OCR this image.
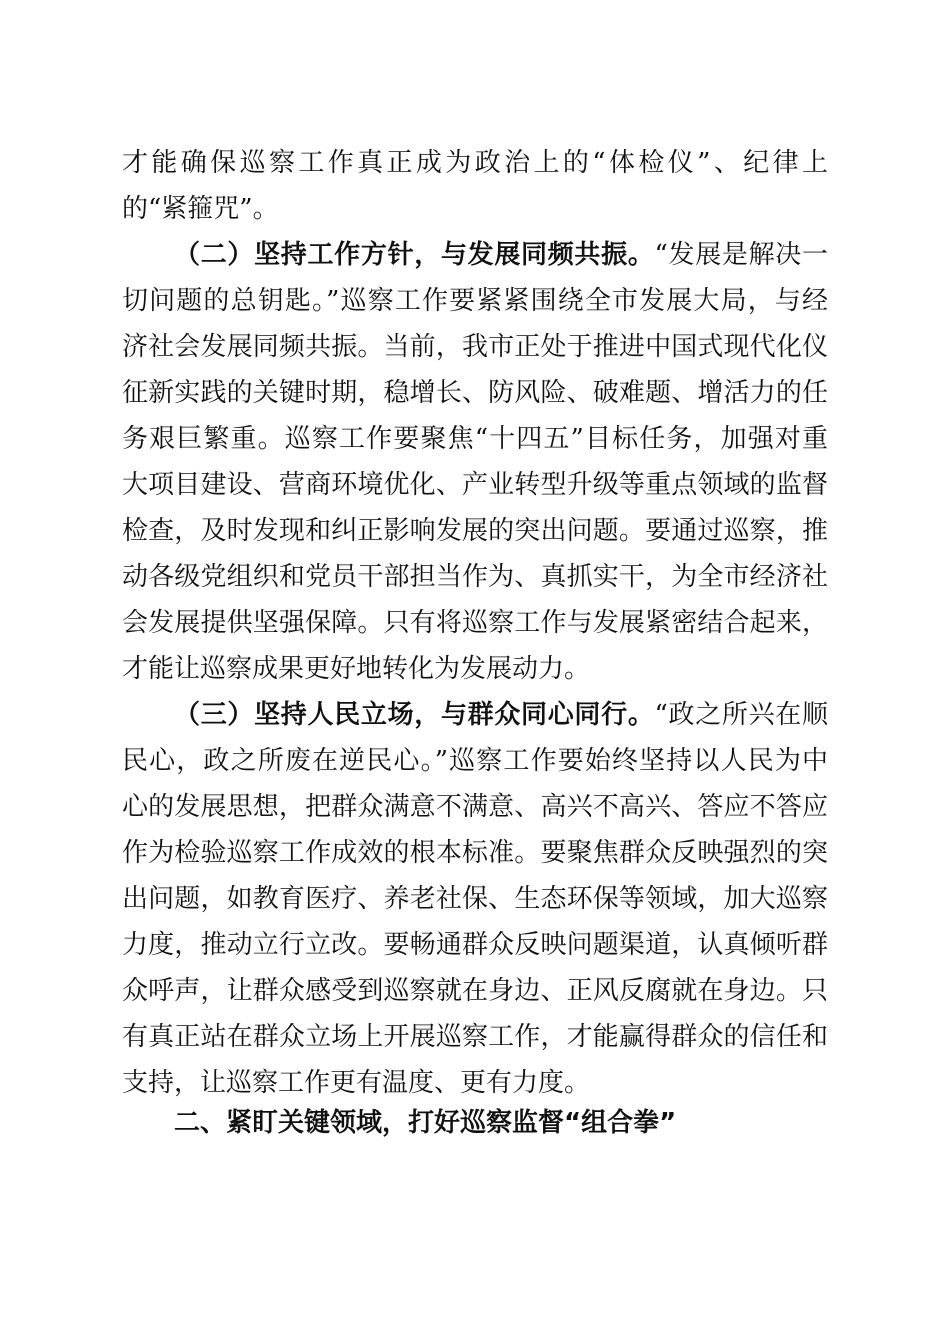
才能确保巡察工作真正成为政治上的“体检仪”、纪律上
的“紧箍咒”。
（二）坚持工作方针，与发展同频共振。“发展是解决一
切问题的总钥匙。”巡察工作要紧紧围绕全市发展大局，与经
济社会发展同频共振。当前，我市正处于推进中国式现代化仪
征新实践的关键时期，稳增长、防风险、破难题、增活力的任
务艰巨繁重。巡察工作要聚焦“十四五”目标任务，加强对重
大项目建设、营商环境优化、产业转型升级等重点领域的监督
检查，及时发现和纠正影响发展的突出问题。要通过巡察，推
动各级党组织和党员干部担当作为、真抓实干，为全市经济社
会发展提供坚强保障。只有将巡察工作与发展紧密结合起来，
才能让巡察成果更好地转化为发展动力。
（三）坚持人民立场，与群众同心同行。“政之所兴在顺
民心，政之所废在逆民心。”巡察工作要始终坚持以人民为中
心的发展思想，把群众满意不满意、高兴不高兴、答应不答应
作为检验巡察工作成效的根本标准。要聚焦群众反映强烈的突
出问题，如教育医疗、养老社保、生态环保等领域，加大巡察
力度，推动立行立改。要畅通群众反映问题渠道，认真倾听群
众呼声，让群众感受到巡察就在身边、正风反腐就在身边。只
有真正站在群众立场上开展巡察工作，才能赢得群众的信任和
支持，让巡察工作更有温度、更有力度。
二、紧盯关键领域，打好巡察监督“组合拳”
